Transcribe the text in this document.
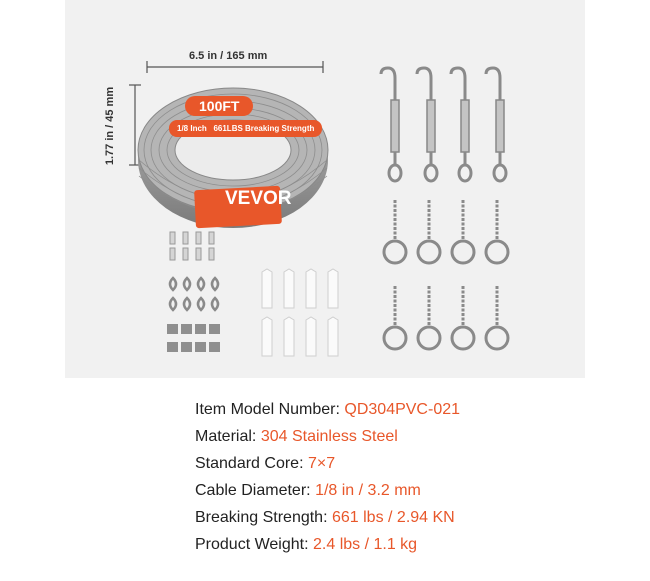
6.5 in / 165 mm
1.77 in / 45 mm	100FT
1/8 Inch   661LBS Breaking Strength
VEVOR
Item Model Number: QD304PVC-021
Material: 304 Stainless Steel
Standard Core: 7×7
Cable Diameter: 1/8 in / 3.2 mm
Breaking Strength: 661 lbs / 2.94 KN
Product Weight: 2.4 lbs / 1.1 kg
